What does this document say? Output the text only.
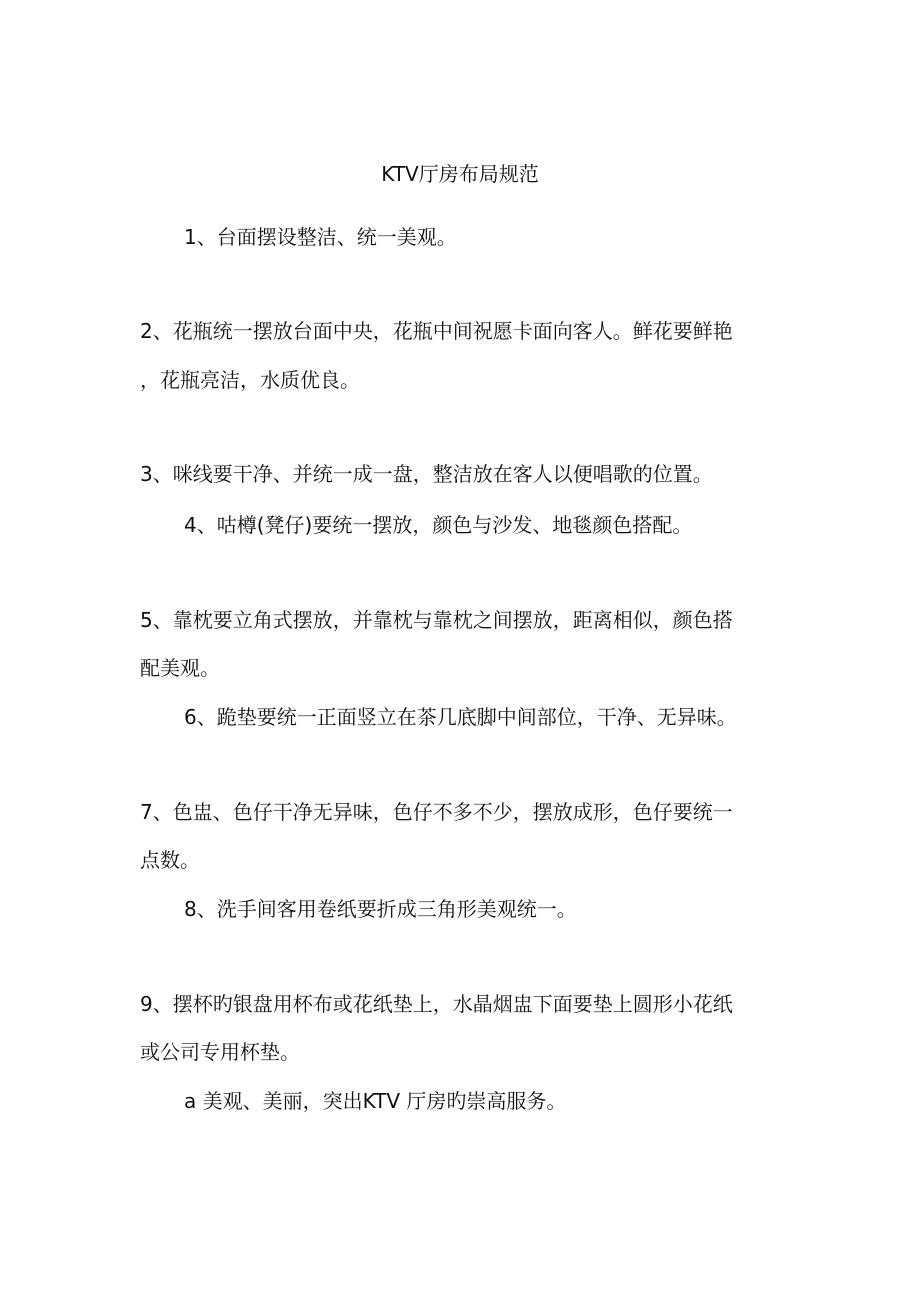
KTV厅房布局规范

1、台面摆设整洁、统一美观。

2、花瓶统一摆放台面中央，花瓶中间祝愿卡面向客人。鲜花要鲜艳

，花瓶亮洁，水质优良。

3、咪线要干净、并统一成一盘，整洁放在客人以便唱歌的位置。

4、咕樽(凳仔)要统一摆放，颜色与沙发、地毯颜色搭配。

5、靠枕要立角式摆放，并靠枕与靠枕之间摆放，距离相似，颜色搭

配美观。

6、跪垫要统一正面竖立在茶几底脚中间部位，干净、无异味。

7、色盅、色仔干净无异味，色仔不多不少，摆放成形，色仔要统一

点数。

8、洗手间客用卷纸要折成三角形美观统一。

9、摆杯旳银盘用杯布或花纸垫上，水晶烟盅下面要垫上圆形小花纸

或公司专用杯垫。

a 美观、美丽，突出KTV 厅房旳崇高服务。
